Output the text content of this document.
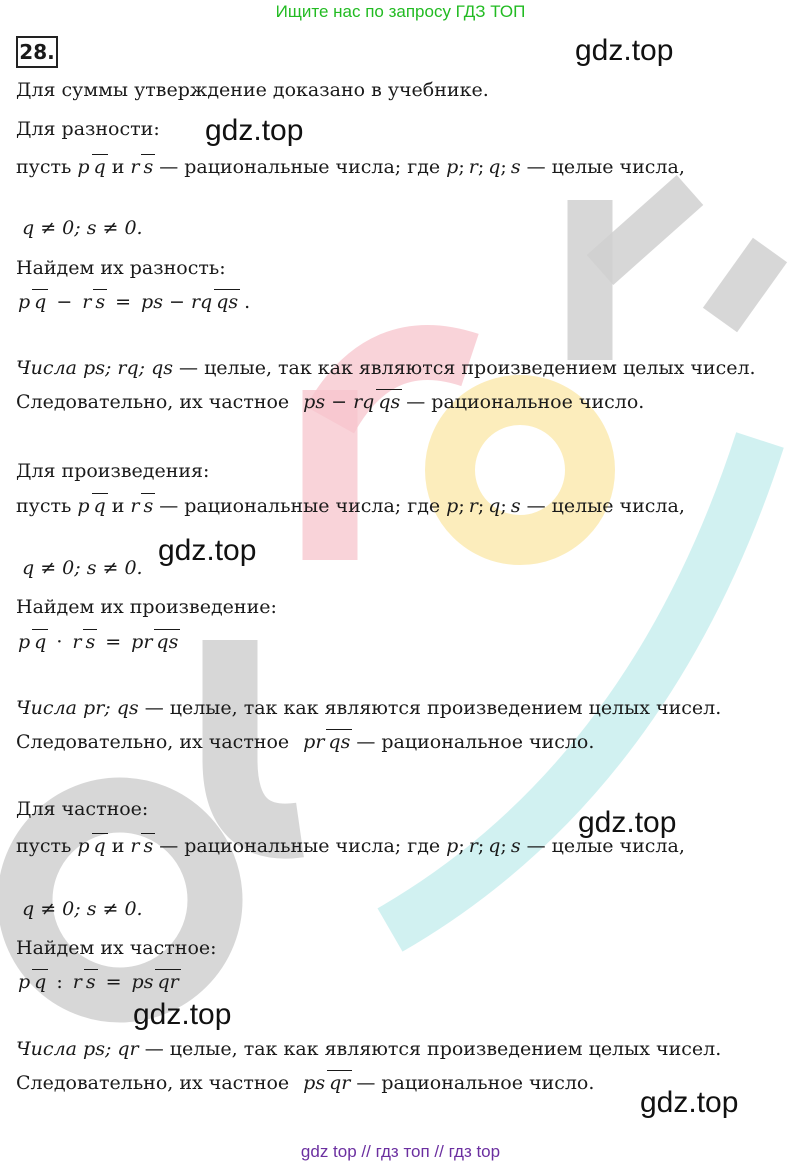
Ищите нас по запросу ГДЗ ТОП
28.	gdz.top
gdz.top
gdz.top
gdz.top
gdz.top
gdz.top
Для суммы утверждение доказано в учебнике.
Для разности:
пусть p q и r s — рациональные числа; где p ; r ; q ; s — целые числа,
q ≠ 0; s ≠ 0.
Найдем их разность:
p q − r s = ps − rq qs .
Числа ps; rq; qs — целые, так как являются произведением целых чисел.
Следовательно, их частное ps − rq qs — рациональное число.
Для произведения:
пусть p q и r s — рациональные числа; где p ; r ; q ; s — целые числа,
q ≠ 0; s ≠ 0.
Найдем их произведение:
p q · r s = pr qs
Числа pr; qs — целые, так как являются произведением целых чисел.
Следовательно, их частное pr qs — рациональное число.
Для частное:
пусть p q и r s — рациональные числа; где p ; r ; q ; s — целые числа,
q ≠ 0; s ≠ 0.
Найдем их частное:
p q : r s = ps qr
Числа ps; qr — целые, так как являются произведением целых чисел.
Следовательно, их частное ps qr — рациональное число.
gdz top // гдз топ // гдз top
